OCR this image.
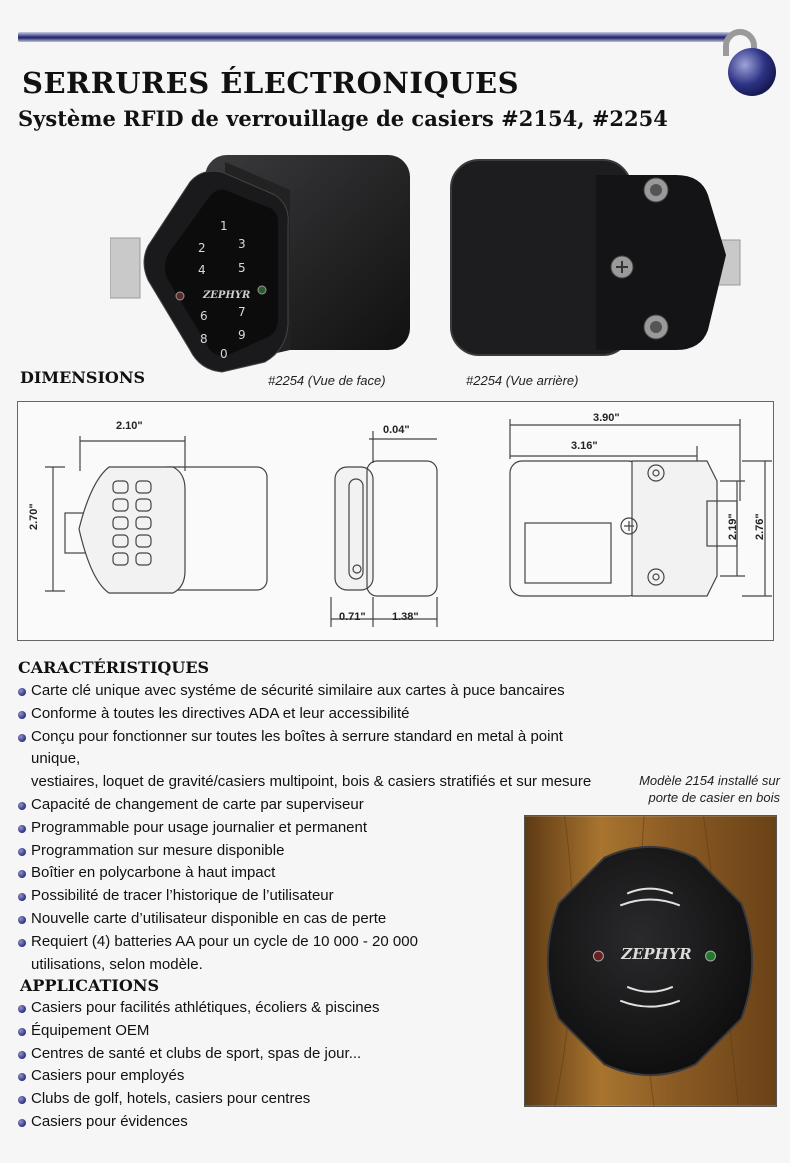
SERRURES ÉLECTRONIQUES
Système RFID de verrouillage de casiers #2154, #2254
1
2	3
4	5
6	7
8	9
0
ZEPHYR
DIMENSIONS	#2254 (Vue de face)	#2254 (Vue arrière)
2.10"
2.70"
0.04"
0.71" 1.38"
3.90"
3.16"
2.19" 2.76"
CARACTÉRISTIQUES
Carte clé unique avec systéme de sécurité similaire aux cartes à puce bancaires
Conforme à toutes les directives ADA et leur accessibilité
Conçu pour fonctionner sur toutes les boîtes à serrure standard en metal à point unique,
vestiaires, loquet de gravité/casiers multipoint, bois & casiers stratifiés et sur mesure
Capacité de changement de carte par superviseur
Programmable pour usage journalier et permanent
Programmation sur mesure disponible
Boîtier en polycarbone à haut impact
Possibilité de tracer l’historique de l’utilisateur
Nouvelle carte d’utilisateur disponible en cas de perte
Requiert (4) batteries AA pour un cycle de 10 000 - 20 000
utilisations, selon modèle.
APPLICATIONS
Casiers pour facilités athlétiques, écoliers & piscines
Équipement OEM
Centres de santé et clubs de sport, spas de jour...
Casiers pour employés
Clubs de golf, hotels, casiers pour centres
Casiers pour évidences
Modèle 2154 installé sur
porte de casier en bois
ZEPHYR
